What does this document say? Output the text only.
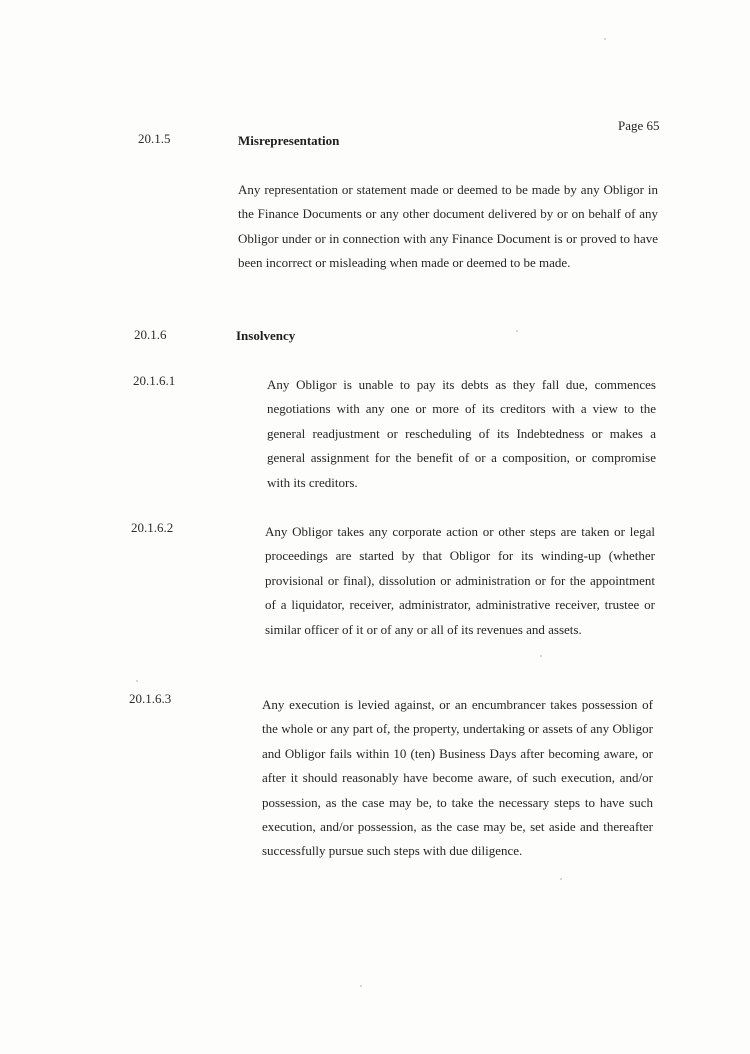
Page 65
20.1.5	Misrepresentation
Any representation or statement made or deemed to be made by any Obligor in the Finance Documents or any other document delivered by or on behalf of any Obligor under or in connection with any Finance Document is or proved to have been incorrect or misleading when made or deemed to be made.
20.1.6	Insolvency
20.1.6.1	Any Obligor is unable to pay its debts as they fall due, commences negotiations with any one or more of its creditors with a view to the general readjustment or rescheduling of its Indebtedness or makes a general assignment for the benefit of or a composition, or compromise with its creditors.
20.1.6.2	Any Obligor takes any corporate action or other steps are taken or legal proceedings are started by that Obligor for its winding-up (whether provisional or final), dissolution or administration or for the appointment of a liquidator, receiver, administrator, administrative receiver, trustee or similar officer of it or of any or all of its revenues and assets.
20.1.6.3	Any execution is levied against, or an encumbrancer takes possession of the whole or any part of, the property, undertaking or assets of any Obligor and Obligor fails within 10 (ten) Business Days after becoming aware, or after it should reasonably have become aware, of such execution, and/or possession, as the case may be, to take the necessary steps to have such execution, and/or possession, as the case may be, set aside and thereafter successfully pursue such steps with due diligence.
